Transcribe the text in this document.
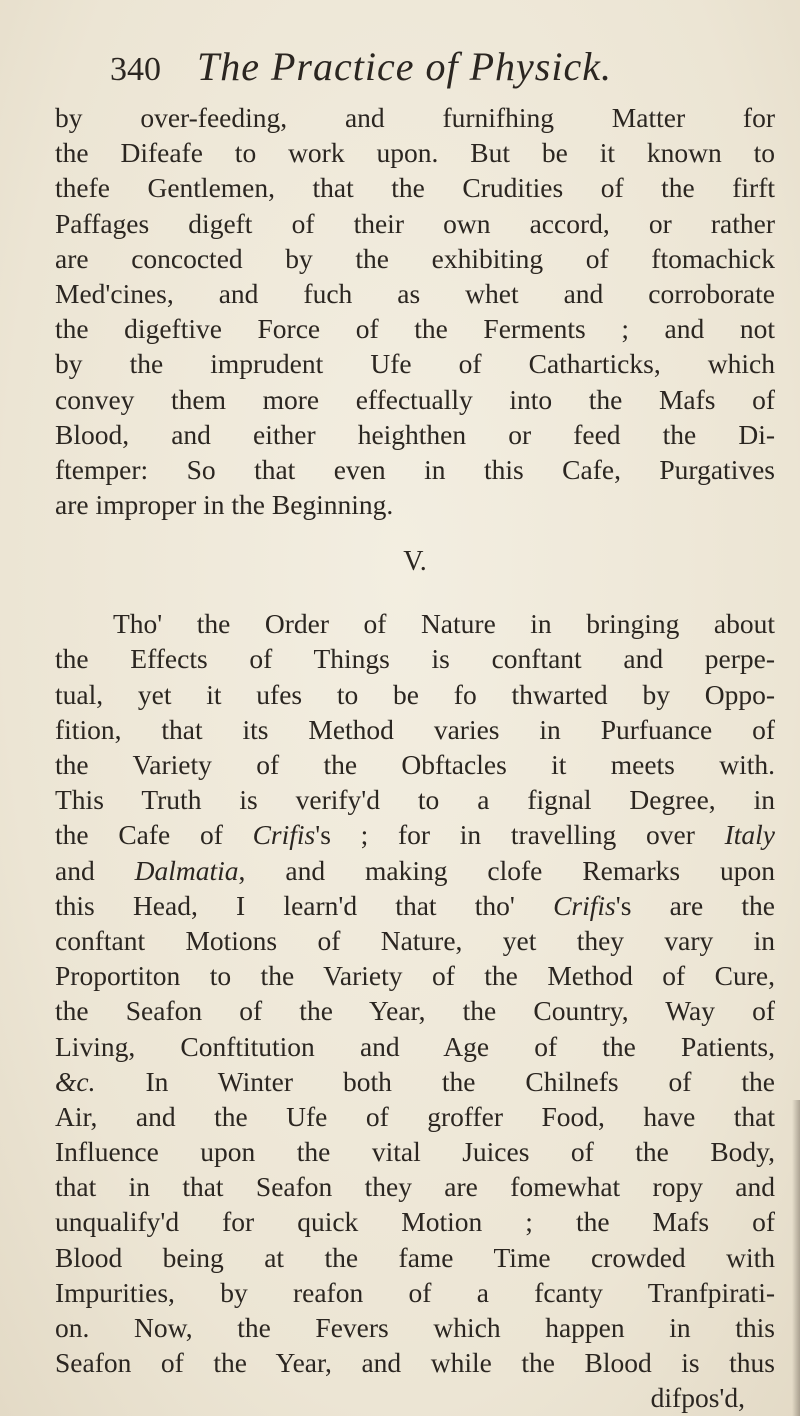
340 The Practice of Physick.
by over-feeding, and furnifhing Matter for
the Difeafe to work upon. But be it known to
thefe Gentlemen, that the Crudities of the firft
Paffages digeft of their own accord, or rather
are concocted by the exhibiting of ftomachick
Med'cines, and fuch as whet and corroborate
the digeftive Force of the Ferments ; and not
by the imprudent Ufe of Catharticks, which
convey them more effectually into the Mafs of
Blood, and either heighthen or feed the Di-
ftemper: So that even in this Cafe, Purgatives
are improper in the Beginning.
V.
Tho' the Order of Nature in bringing about
the Effects of Things is conftant and perpe-
tual, yet it ufes to be fo thwarted by Oppo-
fition, that its Method varies in Purfuance of
the Variety of the Obftacles it meets with.
This Truth is verify'd to a fignal Degree, in
the Cafe of Crifis's ; for in travelling over Italy
and Dalmatia, and making clofe Remarks upon
this Head, I learn'd that tho' Crifis's are the
conftant Motions of Nature, yet they vary in
Proportiton to the Variety of the Method of Cure,
the Seafon of the Year, the Country, Way of
Living, Conftitution and Age of the Patients,
&c. In Winter both the Chilnefs of the
Air, and the Ufe of groffer Food, have that
Influence upon the vital Juices of the Body,
that in that Seafon they are fomewhat ropy and
unqualify'd for quick Motion ; the Mafs of
Blood being at the fame Time crowded with
Impurities, by reafon of a fcanty Tranfpirati-
on. Now, the Fevers which happen in this
Seafon of the Year, and while the Blood is thus
difpos'd,
